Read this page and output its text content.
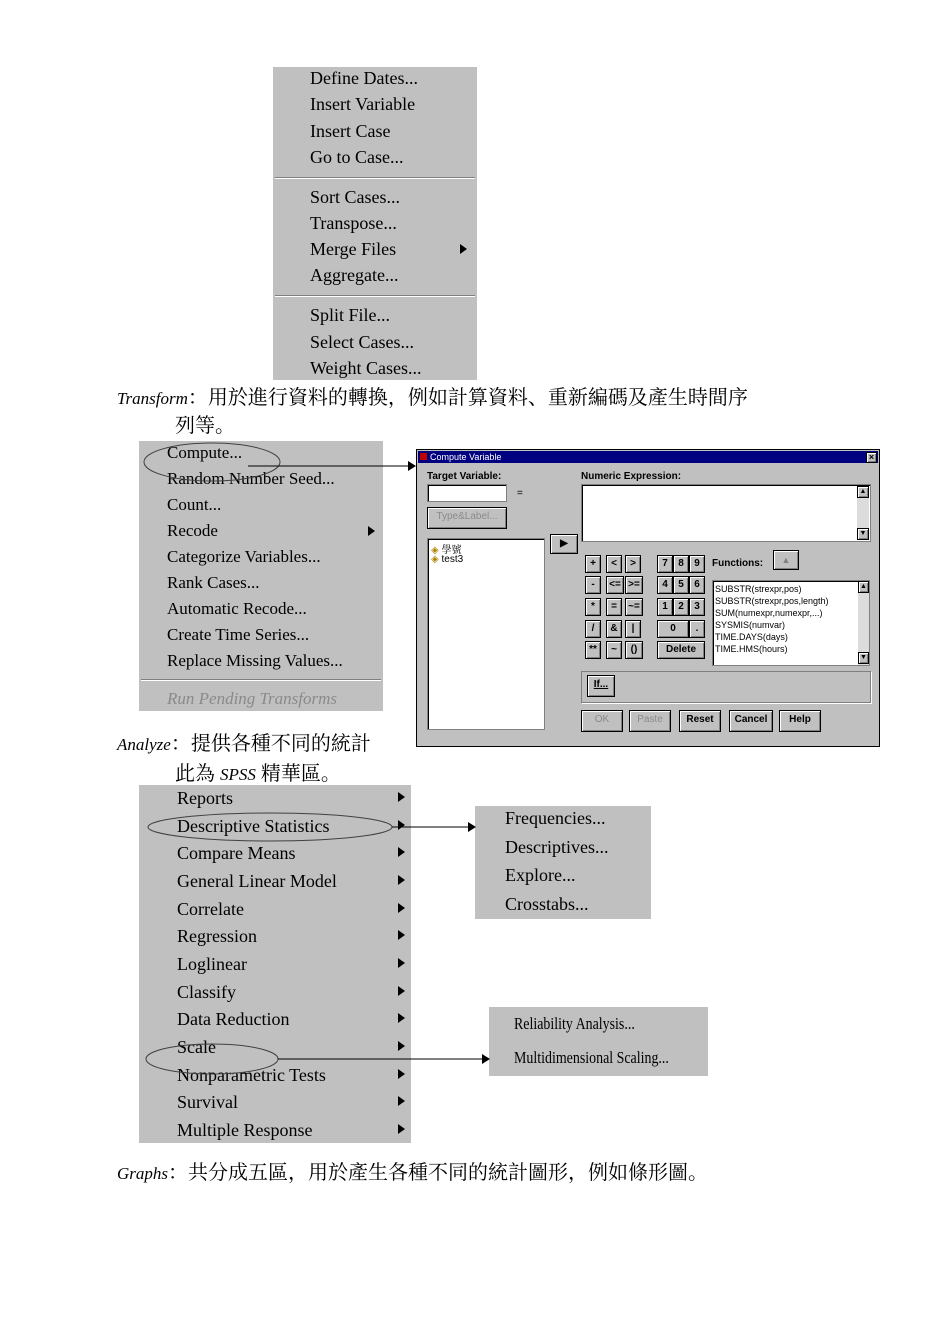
Define Dates...
Insert Variable
Insert Case
Go to Case...
Sort Cases...
Transpose...
Merge Files
Aggregate...
Split File...
Select Cases...
Weight Cases...
Transform：用於進行資料的轉換，例如計算資料、重新編碼及產生時間序
列等。
Compute...
Random Number Seed...
Count...
Recode
Categorize Variables...
Rank Cases...
Automatic Recode...
Create Time Series...
Replace Missing Values...
Run Pending Transforms
Compute Variable	×
Target Variable:
=
Type&Label...
Numeric Expression:
▲
▼
◈ 學號
◈ test3
▶
+	<	>	7	8	9
-	<= >=	4	5	6
*	=	~=	1	2	3
/	&	|	0	.
**	~	()	Delete
Functions:	▲
SUBSTR(strexpr,pos)
SUBSTR(strexpr,pos,length)
SUM(numexpr,numexpr,...)
SYSMIS(numvar)
TIME.DAYS(days)
TIME.HMS(hours)
▲
▼
If...
OK	Paste	Reset	Cancel	Help
Analyze：提供各種不同的統計
此為 SPSS 精華區。
Reports
Descriptive Statistics
Compare Means
General Linear Model
Correlate
Regression
Loglinear
Classify
Data Reduction
Scale
Nonparametric Tests
Survival
Multiple Response
Frequencies...
Descriptives...
Explore...
Crosstabs...
Reliability Analysis...
Multidimensional Scaling...
Graphs：共分成五區，用於產生各種不同的統計圖形，例如條形圖。
